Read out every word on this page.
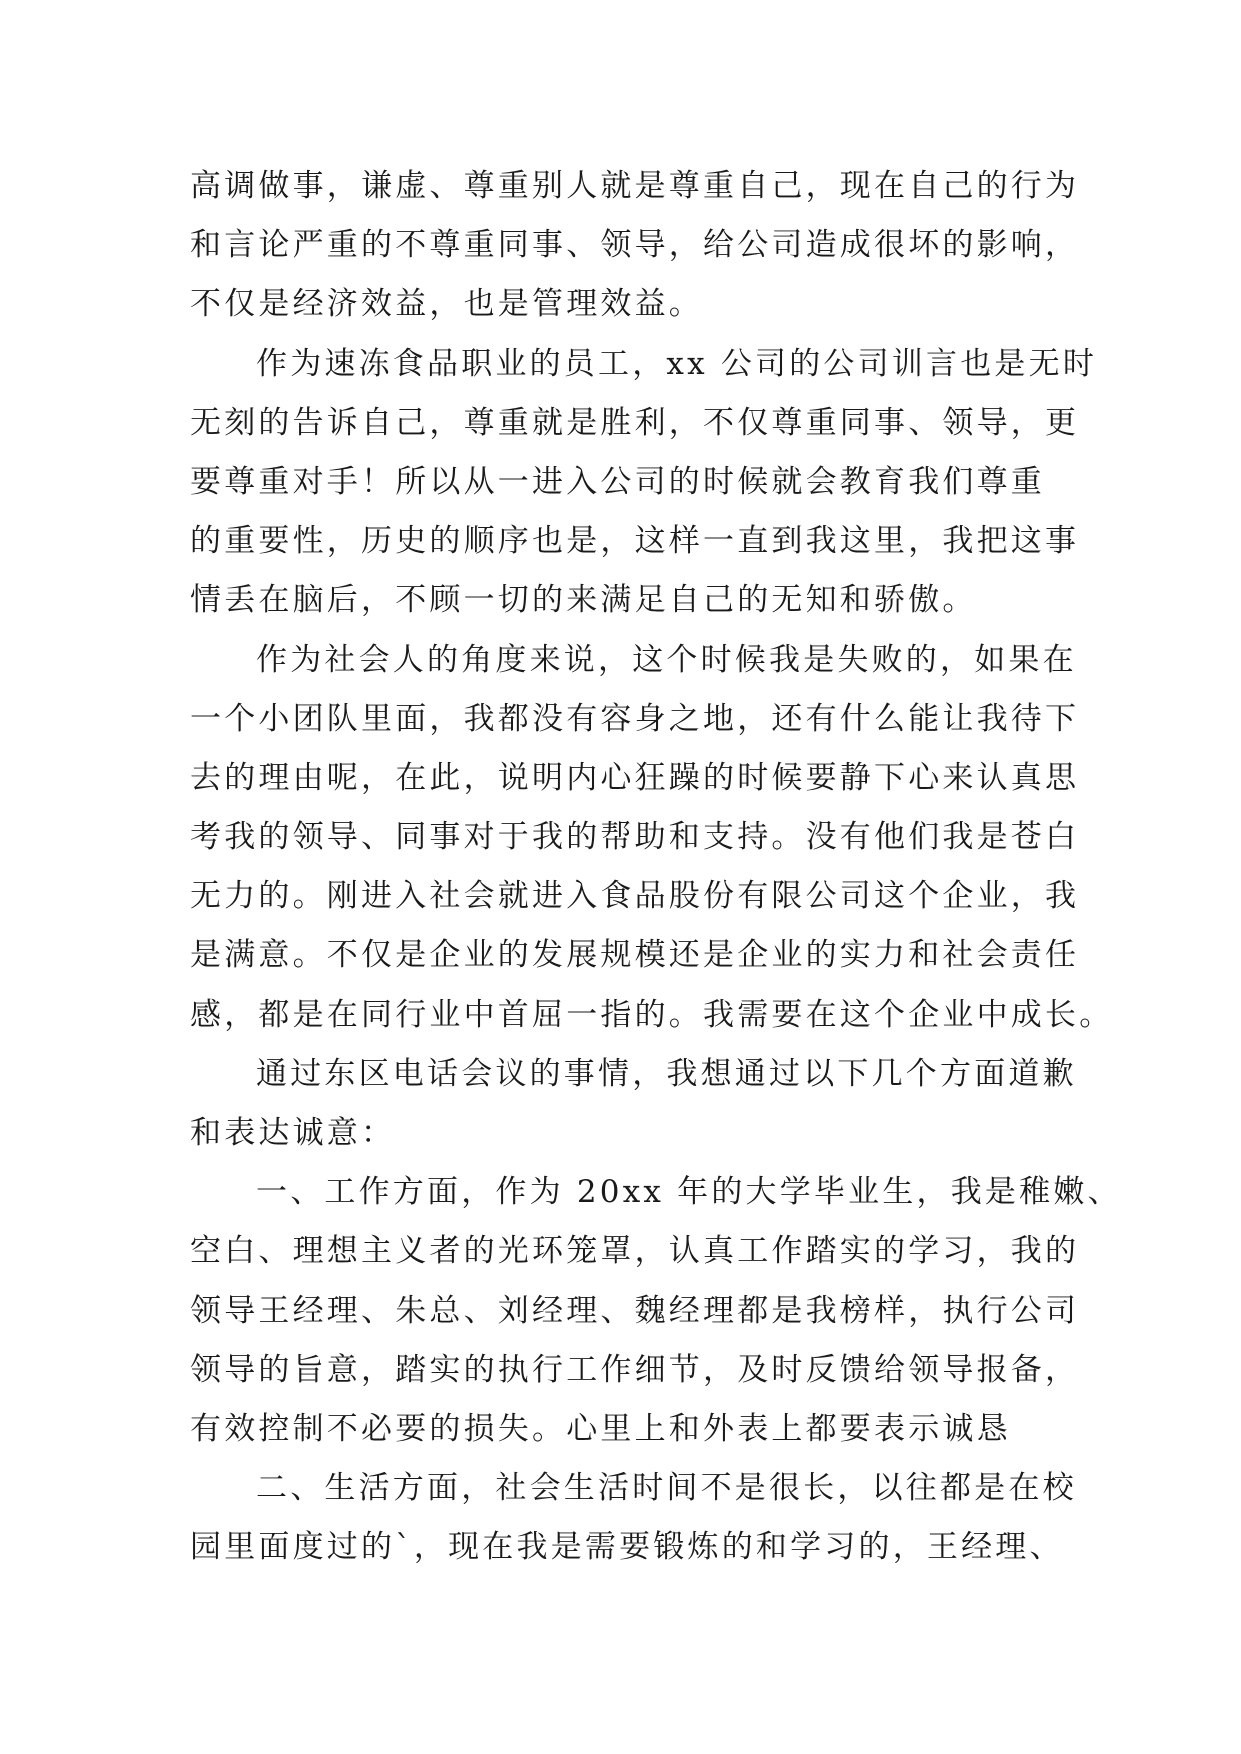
高调做事，谦虚、尊重别人就是尊重自己，现在自己的行为
和言论严重的不尊重同事、领导，给公司造成很坏的影响，
不仅是经济效益，也是管理效益。
作为速冻食品职业的员工，xx 公司的公司训言也是无时
无刻的告诉自己，尊重就是胜利，不仅尊重同事、领导，更
要尊重对手！所以从一进入公司的时候就会教育我们尊重
的重要性，历史的顺序也是，这样一直到我这里，我把这事
情丢在脑后，不顾一切的来满足自己的无知和骄傲。
作为社会人的角度来说，这个时候我是失败的，如果在
一个小团队里面，我都没有容身之地，还有什么能让我待下
去的理由呢，在此，说明内心狂躁的时候要静下心来认真思
考我的领导、同事对于我的帮助和支持。没有他们我是苍白
无力的。刚进入社会就进入食品股份有限公司这个企业，我
是满意。不仅是企业的发展规模还是企业的实力和社会责任
感，都是在同行业中首屈一指的。我需要在这个企业中成长。
通过东区电话会议的事情，我想通过以下几个方面道歉
和表达诚意：
一、工作方面，作为 20xx 年的大学毕业生，我是稚嫩、
空白、理想主义者的光环笼罩，认真工作踏实的学习，我的
领导王经理、朱总、刘经理、魏经理都是我榜样，执行公司
领导的旨意，踏实的执行工作细节，及时反馈给领导报备，
有效控制不必要的损失。心里上和外表上都要表示诚恳
二、生活方面，社会生活时间不是很长，以往都是在校
园里面度过的`，现在我是需要锻炼的和学习的，王经理、
